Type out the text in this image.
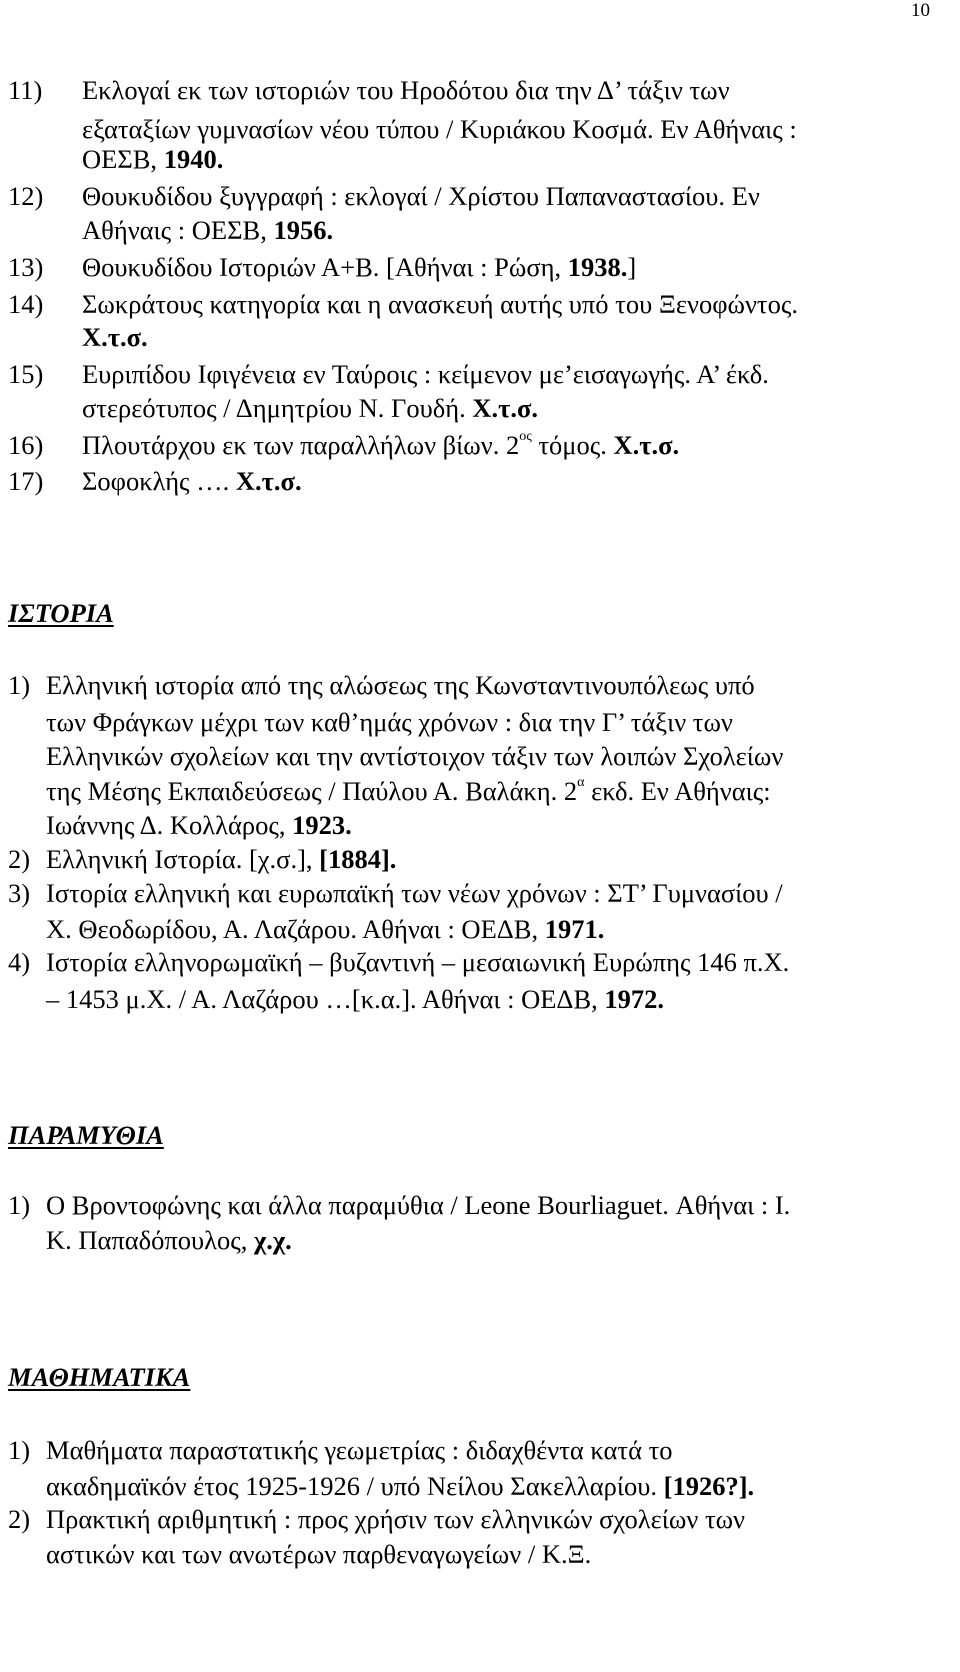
10
11) Εκλογαί εκ των ιστοριών του Ηροδότου δια την Δ’ τάξιν των
εξαταξίων γυμνασίων νέου τύπου / Κυριάκου Κοσμά. Εν Αθήναις :
ΟΕΣΒ, 1940.
12) Θουκυδίδου ξυγγραφή : εκλογαί / Χρίστου Παπαναστασίου. Εν
Αθήναις : ΟΕΣΒ, 1956.
13) Θουκυδίδου Ιστοριών Α+Β. [Αθήναι : Ρώση, 1938.]
14) Σωκράτους κατηγορία και η ανασκευή αυτής υπό του Ξενοφώντος.
Χ.τ.σ.
15) Ευριπίδου Ιφιγένεια εν Ταύροις : κείμενον με’εισαγωγής. Α’ έκδ.
στερεότυπος / Δημητρίου Ν. Γουδή. Χ.τ.σ.
16) Πλουτάρχου εκ των παραλλήλων βίων. $2^{o\varsigma}$ τόμος. Χ.τ.σ.
17) Σοφοκλής …. Χ.τ.σ.
ΙΣΤΟΡΙΑ
1) Ελληνική ιστορία από της αλώσεως της Κωνσταντινουπόλεως υπό
των Φράγκων μέχρι των καθ’ημάς χρόνων : δια την Γ’ τάξιν των
Ελληνικών σχολείων και την αντίστοιχον τάξιν των λοιπών Σχολείων
της Μέσης Εκπαιδεύσεως / Παύλου Α. Βαλάκη. $2^\alpha$ εκδ. Εν Αθήναις:
Ιωάννης Δ. Κολλάρος, 1923.
2) Ελληνική Ιστορία. [χ.σ.], [1884].
3) Ιστορία ελληνική και ευρωπαϊκή των νέων χρόνων : ΣΤ’ Γυμνασίου /
Χ. Θεοδωρίδου, Α. Λαζάρου. Αθήναι : ΟΕΔΒ, 1971.
4) Ιστορία ελληνορωμαϊκή – βυζαντινή – μεσαιωνική Ευρώπης 146 π.Χ.
– 1453 μ.Χ. / Α. Λαζάρου …[κ.α.]. Αθήναι : ΟΕΔΒ, 1972.
ΠΑΡΑΜΥΘΙΑ
1) Ο Βροντοφώνης και άλλα παραμύθια / Leone Bourliaguet. Αθήναι : Ι.
Κ. Παπαδόπουλος, χ.χ.
ΜΑΘΗΜΑΤΙΚΑ
1) Μαθήματα παραστατικής γεωμετρίας : διδαχθέντα κατά το
ακαδημαϊκόν έτος 1925-1926 / υπό Νείλου Σακελλαρίου. [1926?].
2) Πρακτική αριθμητική : προς χρήσιν των ελληνικών σχολείων των
αστικών και των ανωτέρων παρθεναγωγείων / Κ.Ξ.
